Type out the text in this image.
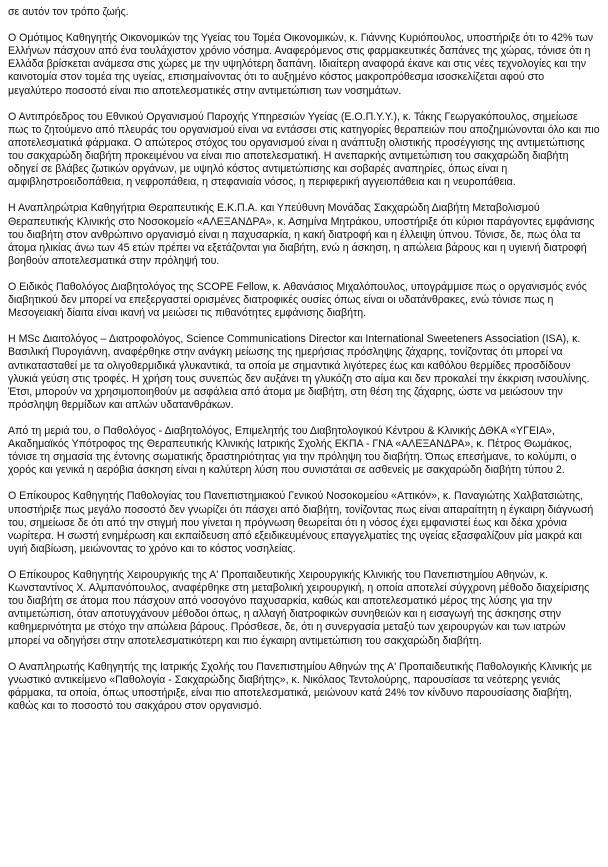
σε αυτόν τον τρόπο ζωής.

Ο Ομότιμος Καθηγητής Οικονομικών της Υγείας του Τομέα Οικονομικών, κ. Γιάννης Κυριόπουλος, υποστήριξε ότι το 42% των Ελλήνων πάσχουν από ένα τουλάχιστον χρόνιο νόσημα. Αναφερόμενος στις φαρμακευτικές δαπάνες της χώρας, τόνισε ότι η Ελλάδα βρίσκεται ανάμεσα στις χώρες με την υψηλότερη δαπάνη. Ιδιαίτερη αναφορά έκανε και στις νέες τεχνολογίες και την καινοτομία στον τομέα της υγείας, επισημαίνοντας ότι το αυξημένο κόστος μακροπρόθεσμα ισοσκελίζεται αφού στο μεγαλύτερο ποσοστό είναι πιο αποτελεσματικές στην αντιμετώπιση των νοσημάτων.

Ο Αντιπρόεδρος του Εθνικού Οργανισμού Παροχής Υπηρεσιών Υγείας (Ε.Ο.Π.Υ.Υ.), κ. Τάκης Γεωργακόπουλος, σημείωσε πως το ζητούμενο από πλευράς του οργανισμού είναι να εντάσσει στις κατηγορίες θεραπειών που αποζημιώνονται όλο και πιο αποτελεσματικά φάρμακα. Ο απώτερος στόχος του οργανισμού είναι η ανάπτυξη ολιστικής προσέγγισης της αντιμετώπισης του σακχαρώδη διαβήτη προκειμένου να είναι πιο αποτελεσματική. Η ανεπαρκής αντιμετώπιση του σακχαρώδη διαβήτη οδηγεί σε βλάβες ζωτικών οργάνων, με υψηλό κόστος αντιμετώπισης και σοβαρές αναπηρίες, όπως είναι η αμφιβληστροειδοπάθεια, η νεφροπάθεια, η στεφανιαία νόσος, η περιφερική αγγειοπάθεια και η νευροπάθεια.

Η Αναπληρώτρια Καθηγήτρια Θεραπευτικής Ε.Κ.Π.Α. και Υπεύθυνη Μονάδας Σακχαρώδη Διαβήτη Μεταβολισμού Θεραπευτικής Κλινικής στο Νοσοκομείο «ΑΛΕΞΑΝΔΡΑ», κ. Ασημίνα Μητράκου, υποστήριξε ότι κύριοι παράγοντες εμφάνισης του διαβήτη στον ανθρώπινο οργανισμό είναι η παχυσαρκία, η κακή διατροφή και η έλλειψη ύπνου. Τόνισε, δε, πως όλα τα άτομα ηλικίας άνω των 45 ετών πρέπει να εξετάζονται για διαβήτη, ενώ η άσκηση, η απώλεια βάρους και η υγιεινή διατροφή βοηθούν αποτελεσματικά στην πρόληψή του.

Ο Ειδικός Παθολόγος Διαβητολόγος της SCOPE Fellow, κ. Αθανάσιος Μιχαλόπουλος, υπογράμμισε πως ο οργανισμός ενός διαβητικού δεν μπορεί να επεξεργαστεί ορισμένες διατροφικές ουσίες όπως είναι οι υδατάνθρακες, ενώ τόνισε πως η Μεσογειακή δίαιτα είναι ικανή να μειώσει τις πιθανότητες εμφάνισης διαβήτη.

Η MSc Διαιτολόγος – Διατροφολόγος, Science Communications Director και International Sweeteners Association (ISA), κ. Βασιλική Πυρογιάννη, αναφέρθηκε στην ανάγκη μείωσης της ημερήσιας πρόσληψης ζάχαρης, τονίζοντας ότι μπορεί να αντικατασταθεί με τα ολιγοθερμιδικά γλυκαντικά, τα οποία με σημαντικά λιγότερες έως και καθόλου θερμίδες προσδίδουν γλυκιά γεύση στις τροφές. Η χρήση τους συνεπώς δεν αυξάνει τη γλυκόζη στο αίμα και δεν προκαλεί την έκκριση ινσουλίνης. Έτσι, μπορούν να χρησιμοποιηθούν με ασφάλεια από άτομα με διαβήτη, στη θέση της ζάχαρης, ώστε να μειώσουν την πρόσληψη θερμίδων και απλών υδατανθράκων.

Από τη μεριά του, ο Παθολόγος - Διαβητολόγος, Επιμελητής του Διαβητολογικού Κέντρου & Κλινικής ΔΘΚΑ «ΥΓΕΙΑ», Ακαδημαϊκός Υπότροφος της Θεραπευτικής Κλινικής Ιατρικής Σχολής ΕΚΠΑ - ΓΝΑ «ΑΛΕΞΑΝΔΡΑ», κ. Πέτρος Θωμάκος, τόνισε τη σημασία της έντονης σωματικής δραστηριότητας για την πρόληψη του διαβήτη. Όπως επεσήμανε, το κολύμπι, ο χορός και γενικά η αερόβια άσκηση είναι η καλύτερη λύση που συνιστάται σε ασθενείς με σακχαρώδη διαβήτη τύπου 2.

Ο Επίκουρος Καθηγητής Παθολογίας του Πανεπιστημιακού Γενικού Νοσοκομείου «Αττικόν», κ. Παναγιώτης Χαλβατσιώτης, υποστήριξε πως μεγάλο ποσοστό δεν γνωρίζει ότι πάσχει από διαβήτη, τονίζοντας πως είναι απαραίτητη η έγκαιρη διάγνωσή του, σημείωσε δε ότι από την στιγμή που γίνεται η πρόγνωση θεωρείται ότι η νόσος έχει εμφανιστεί έως και δέκα χρόνια νωρίτερα. Η σωστή ενημέρωση και εκπαίδευση από εξειδικευμένους επαγγελματίες της υγείας εξασφαλίζουν μία μακρά και υγιή διαβίωση, μειώνοντας το χρόνο και το κόστος νοσηλείας.

Ο Επίκουρος Καθηγητής Χειρουργικής της Α' Προπαιδευτικής Χειρουργικής Κλινικής του Πανεπιστημίου Αθηνών, κ. Κωνσταντίνος Χ. Αλμπανόπουλος, αναφέρθηκε στη μεταβολική χειρουργική, η οποία αποτελεί σύγχρονη μέθοδο διαχείρισης του διαβήτη σε άτομα που πάσχουν από νοσογόνο παχυσαρκία, καθώς και αποτελεσματικό μέρος της λύσης για την αντιμετώπιση, όταν αποτυγχάνουν μέθοδοι όπως, η αλλαγή διατροφικών συνηθειών και η εισαγωγή της άσκησης στην καθημερινότητα με στόχο την απώλεια βάρους. Πρόσθεσε, δε, ότι η συνεργασία μεταξύ των χειρουργών και των ιατρών μπορεί να οδηγήσει στην αποτελεσματικότερη και πιο έγκαιρη αντιμετώπιση του σακχαρώδη διαβήτη.

Ο Αναπληρωτής Καθηγητής της Ιατρικής Σχολής του Πανεπιστημίου Αθηνών της Α' Προπαιδευτικής Παθολογικής Κλινικής με γνωστικό αντικείμενο «Παθολογία - Σακχαρώδης διαβήτης», κ. Νικόλαος Τεντολούρης, παρουσίασε τα νεότερης γενιάς φάρμακα, τα οποία, όπως υποστήριξε, είναι πιο αποτελεσματικά, μειώνουν κατά 24% τον κίνδυνο παρουσίασης διαβήτη, καθώς και το ποσοστό του σακχάρου στον οργανισμό.
